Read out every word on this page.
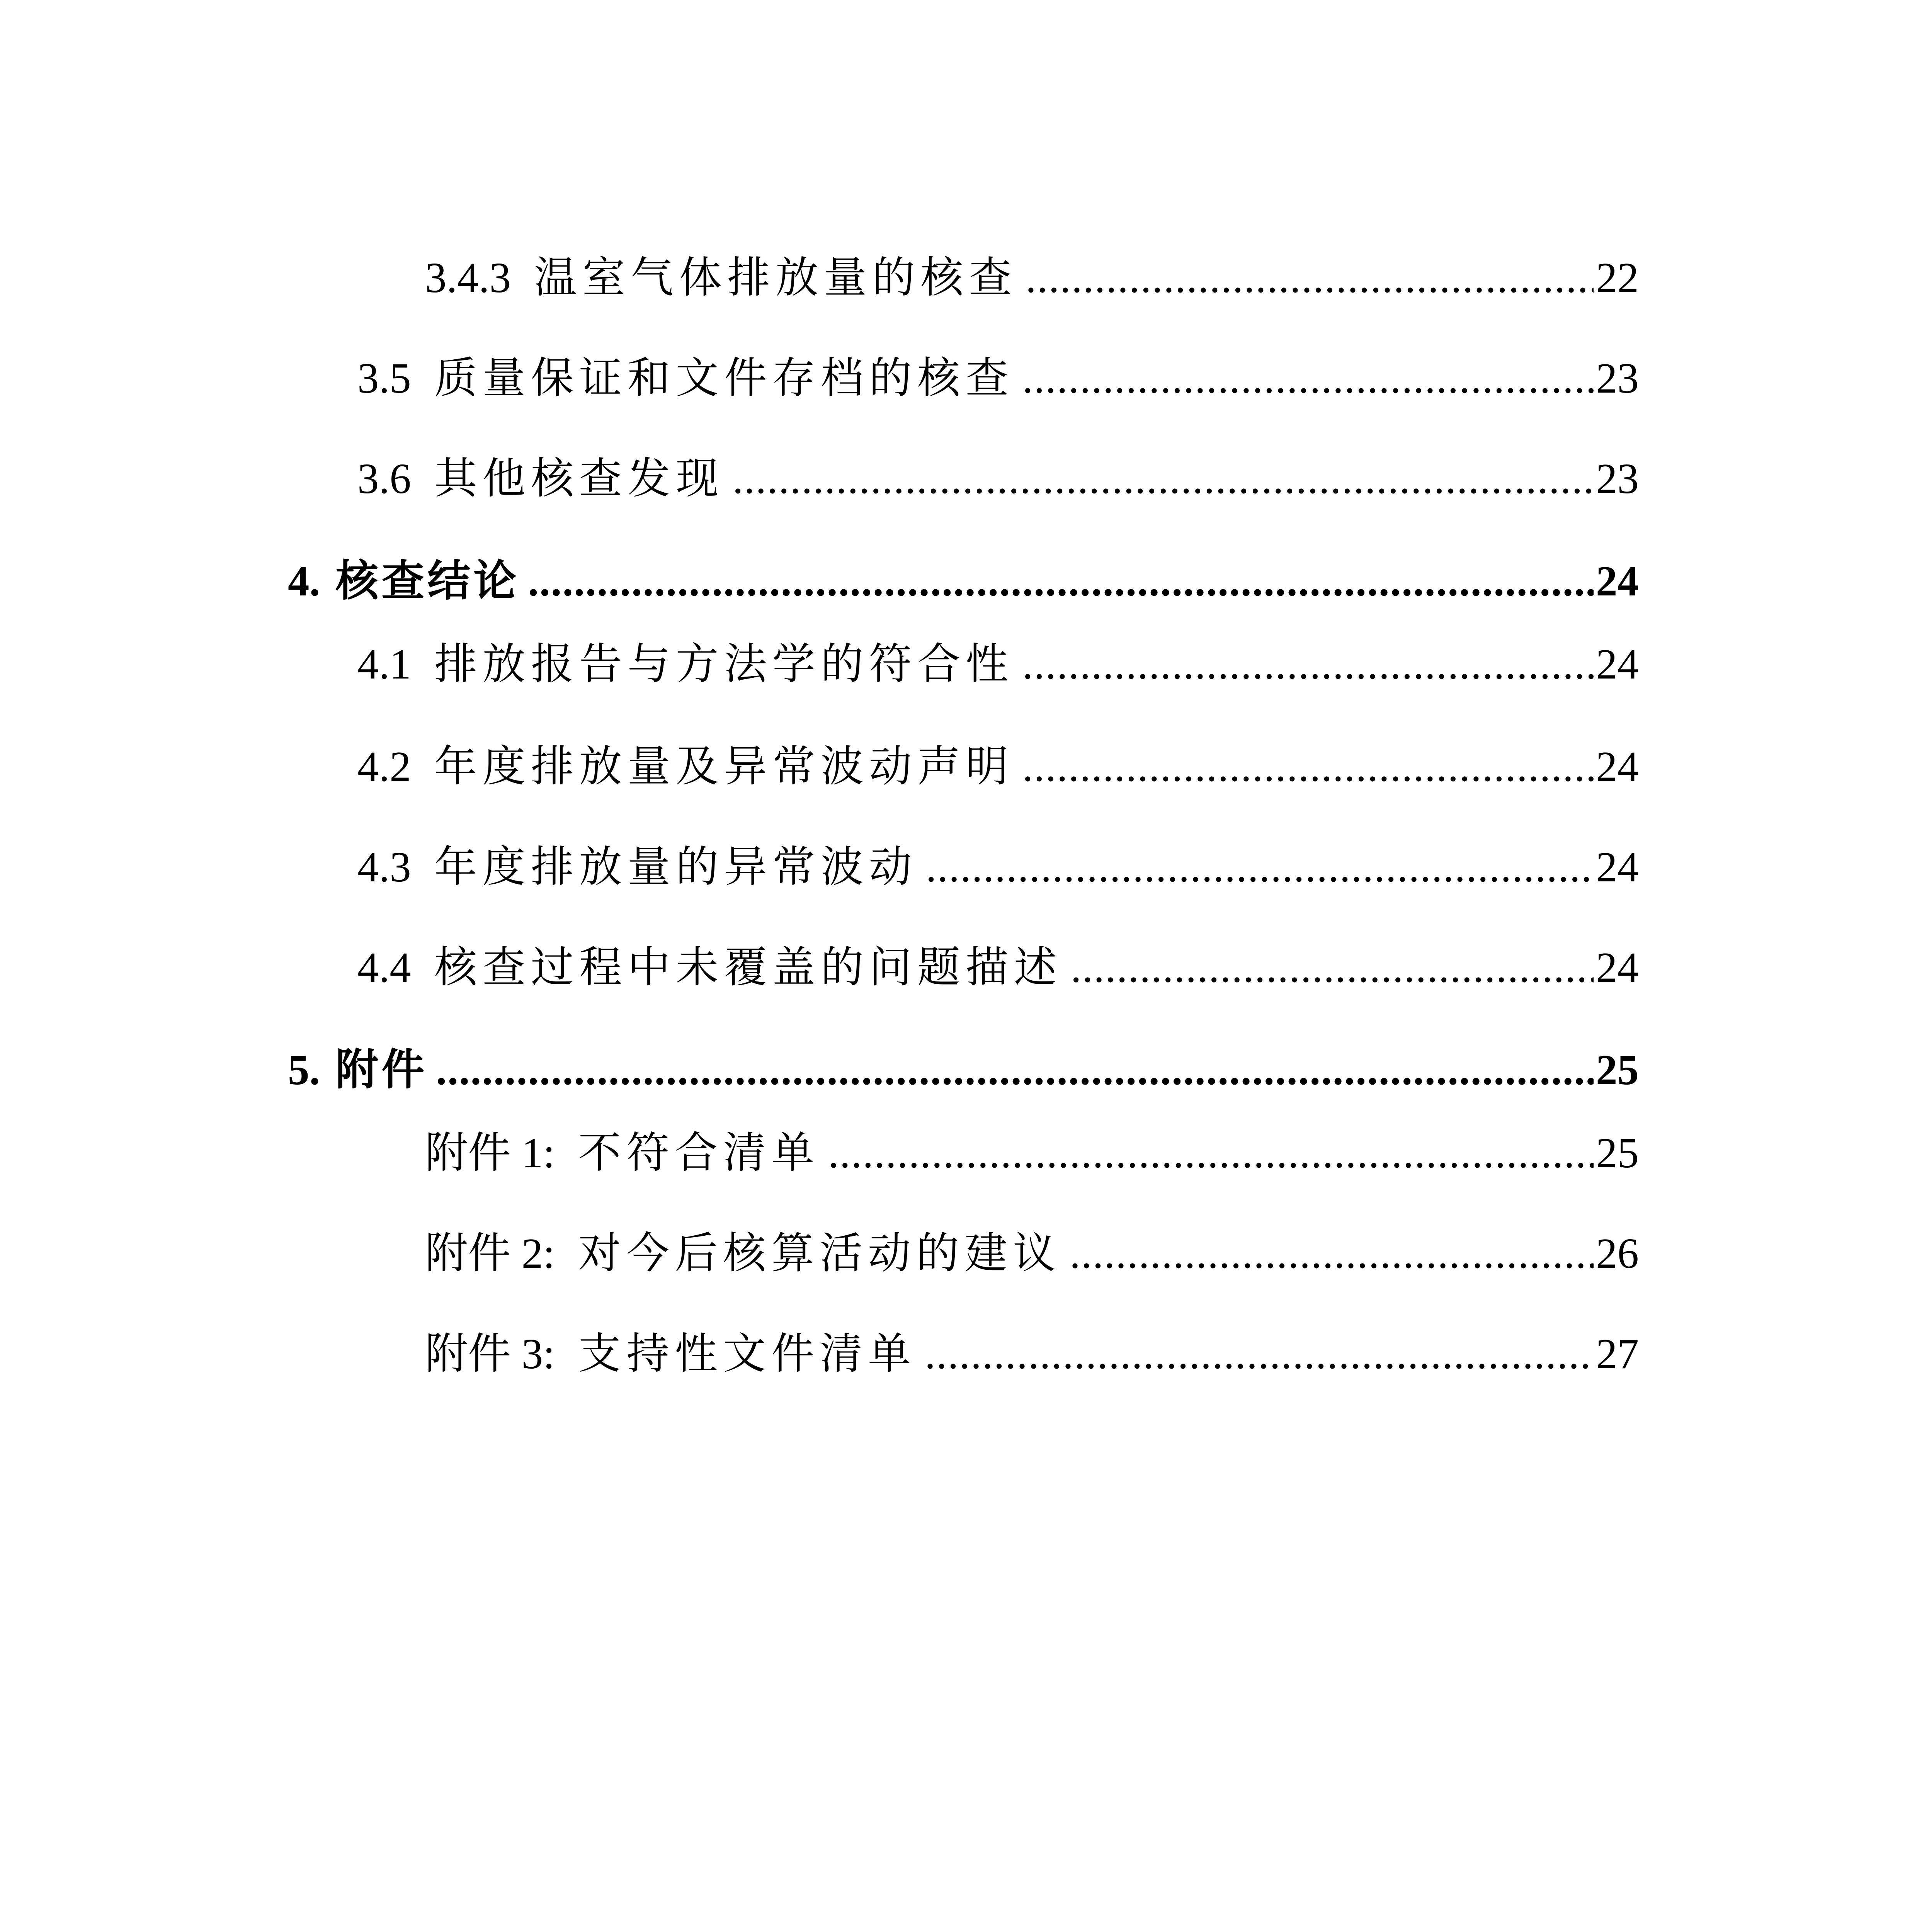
3.4.3 温室气体排放量的核查 .....	22
3.5 质量保证和文件存档的核查 .....	23
3.6 其他核查发现 .....	23
4. 核查结论 .....	24
4.1 排放报告与方法学的符合性 .....	24
4.2 年度排放量及异常波动声明 .....	24
4.3 年度排放量的异常波动 .....	24
4.4 核查过程中未覆盖的问题描述 .....	24
5. 附件 .....	25
附件 1: 不符合清单 .....	25
附件 2: 对今后核算活动的建议 .....	26
附件 3: 支持性文件清单 .....	27
